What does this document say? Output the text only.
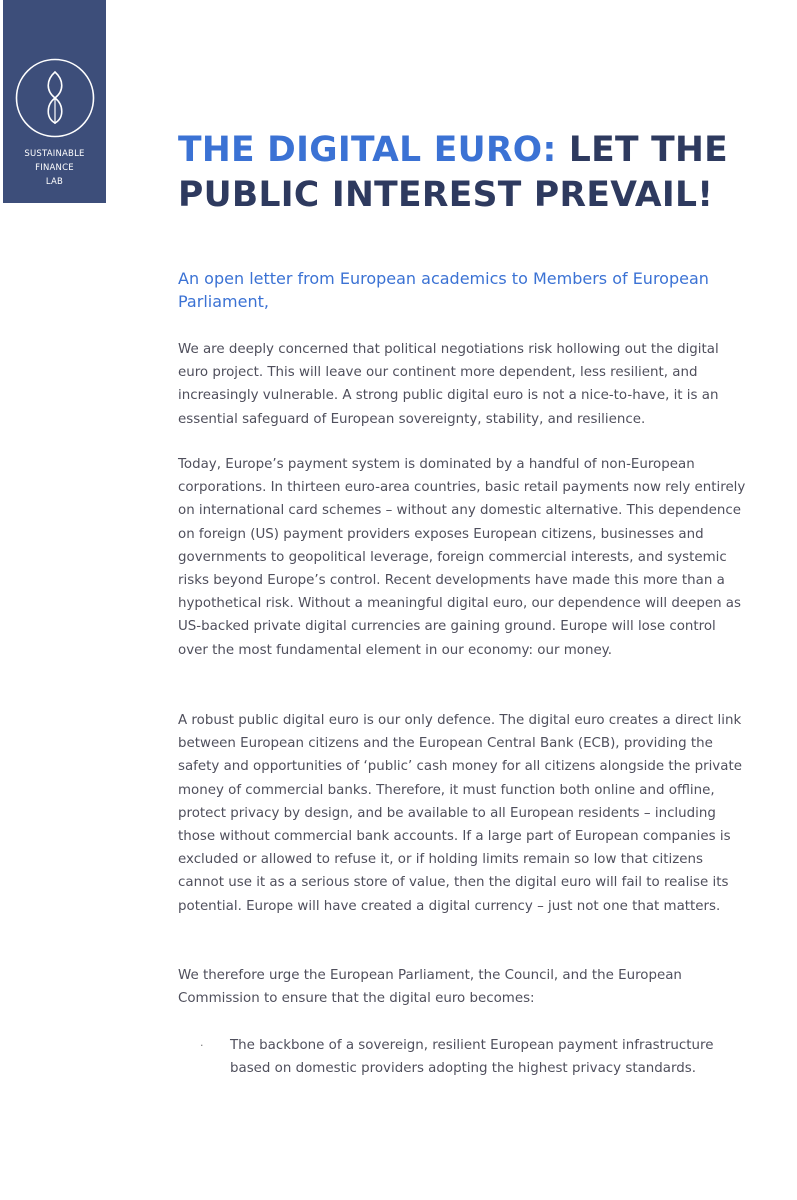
SUSTAINABLE
FINANCE
LAB
THE DIGITAL EURO: LET THE PUBLIC INTEREST PREVAIL!
An open letter from European academics to Members of European Parliament,

We are deeply concerned that political negotiations risk hollowing out the digital euro project. This will leave our continent more dependent, less resilient, and increasingly vulnerable. A strong public digital euro is not a nice-to-have, it is an essential safeguard of European sovereignty, stability, and resilience.

Today, Europe’s payment system is dominated by a handful of non-European corporations. In thirteen euro-area countries, basic retail payments now rely entirely on international card schemes – without any domestic alternative. This dependence on foreign (US) payment providers exposes European citizens, businesses and governments to geopolitical leverage, foreign commercial interests, and systemic risks beyond Europe’s control. Recent developments have made this more than a hypothetical risk. Without a meaningful digital euro, our dependence will deepen as US-backed private digital currencies are gaining ground. Europe will lose control over the most fundamental element in our economy: our money.

A robust public digital euro is our only defence. The digital euro creates a direct link between European citizens and the European Central Bank (ECB), providing the safety and opportunities of ‘public’ cash money for all citizens alongside the private money of commercial banks. Therefore, it must function both online and offline, protect privacy by design, and be available to all European residents – including those without commercial bank accounts. If a large part of European companies is excluded or allowed to refuse it, or if holding limits remain so low that citizens cannot use it as a serious store of value, then the digital euro will fail to realise its potential. Europe will have created a digital currency – just not one that matters.

We therefore urge the European Parliament, the Council, and the European Commission to ensure that the digital euro becomes:

· The backbone of a sovereign, resilient European payment infrastructure based on domestic providers adopting the highest privacy standards.
